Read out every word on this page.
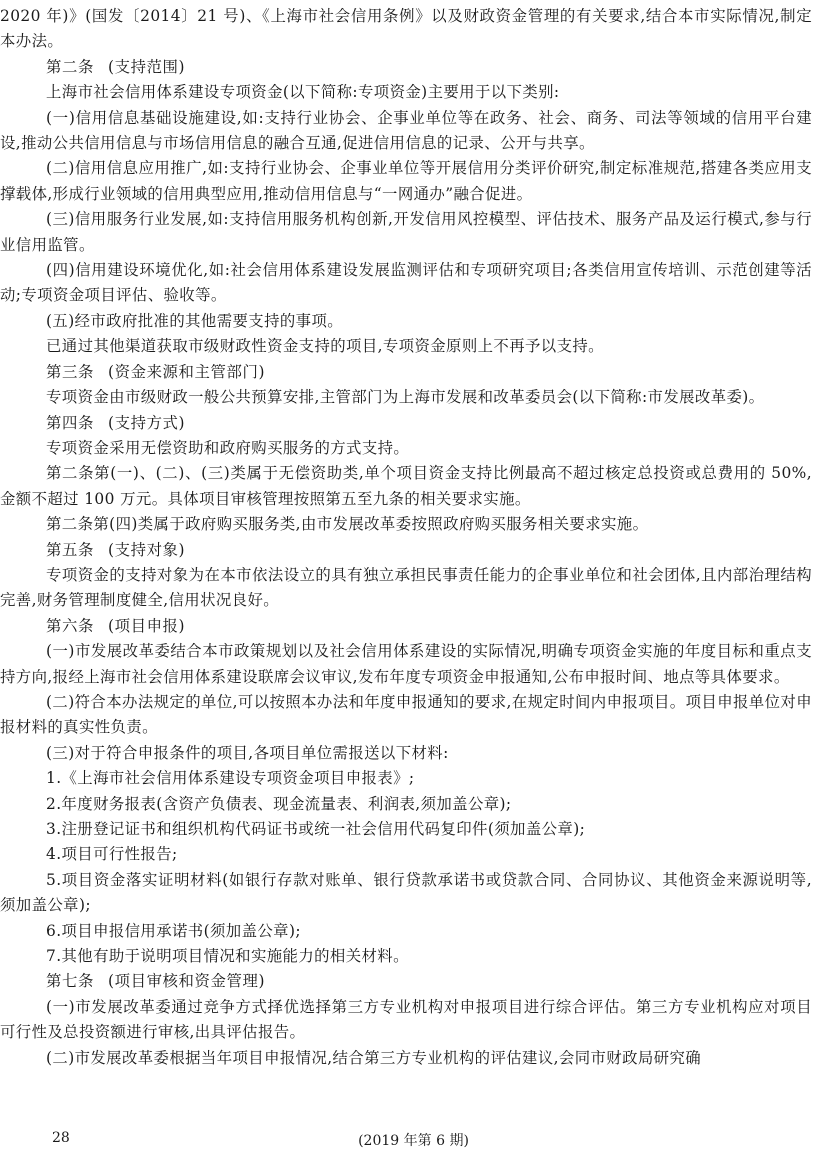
2020 年)》(国发〔2014〕21 号)、《上海市社会信用条例》以及财政资金管理的有关要求,结合本市实际情况,制定本办法。

第二条 (支持范围)

上海市社会信用体系建设专项资金(以下简称:专项资金)主要用于以下类别:

(一)信用信息基础设施建设,如:支持行业协会、企事业单位等在政务、社会、商务、司法等领域的信用平台建设,推动公共信用信息与市场信用信息的融合互通,促进信用信息的记录、公开与共享。

(二)信用信息应用推广,如:支持行业协会、企事业单位等开展信用分类评价研究,制定标准规范,搭建各类应用支撑载体,形成行业领域的信用典型应用,推动信用信息与“一网通办”融合促进。

(三)信用服务行业发展,如:支持信用服务机构创新,开发信用风控模型、评估技术、服务产品及运行模式,参与行业信用监管。

(四)信用建设环境优化,如:社会信用体系建设发展监测评估和专项研究项目;各类信用宣传培训、示范创建等活动;专项资金项目评估、验收等。

(五)经市政府批准的其他需要支持的事项。

已通过其他渠道获取市级财政性资金支持的项目,专项资金原则上不再予以支持。

第三条 (资金来源和主管部门)

专项资金由市级财政一般公共预算安排,主管部门为上海市发展和改革委员会(以下简称:市发展改革委)。

第四条 (支持方式)

专项资金采用无偿资助和政府购买服务的方式支持。

第二条第(一)、(二)、(三)类属于无偿资助类,单个项目资金支持比例最高不超过核定总投资或总费用的 50%,金额不超过 100 万元。具体项目审核管理按照第五至九条的相关要求实施。

第二条第(四)类属于政府购买服务类,由市发展改革委按照政府购买服务相关要求实施。

第五条 (支持对象)

专项资金的支持对象为在本市依法设立的具有独立承担民事责任能力的企事业单位和社会团体,且内部治理结构完善,财务管理制度健全,信用状况良好。

第六条 (项目申报)

(一)市发展改革委结合本市政策规划以及社会信用体系建设的实际情况,明确专项资金实施的年度目标和重点支持方向,报经上海市社会信用体系建设联席会议审议,发布年度专项资金申报通知,公布申报时间、地点等具体要求。

(二)符合本办法规定的单位,可以按照本办法和年度申报通知的要求,在规定时间内申报项目。项目申报单位对申报材料的真实性负责。

(三)对于符合申报条件的项目,各项目单位需报送以下材料:

1.《上海市社会信用体系建设专项资金项目申报表》;

2.年度财务报表(含资产负债表、现金流量表、利润表,须加盖公章);

3.注册登记证书和组织机构代码证书或统一社会信用代码复印件(须加盖公章);

4.项目可行性报告;

5.项目资金落实证明材料(如银行存款对账单、银行贷款承诺书或贷款合同、合同协议、其他资金来源说明等,须加盖公章);

6.项目申报信用承诺书(须加盖公章);

7.其他有助于说明项目情况和实施能力的相关材料。

第七条 (项目审核和资金管理)

(一)市发展改革委通过竞争方式择优选择第三方专业机构对申报项目进行综合评估。第三方专业机构应对项目可行性及总投资额进行审核,出具评估报告。

(二)市发展改革委根据当年项目申报情况,结合第三方专业机构的评估建议,会同市财政局研究确

28	(2019 年第 6 期)
